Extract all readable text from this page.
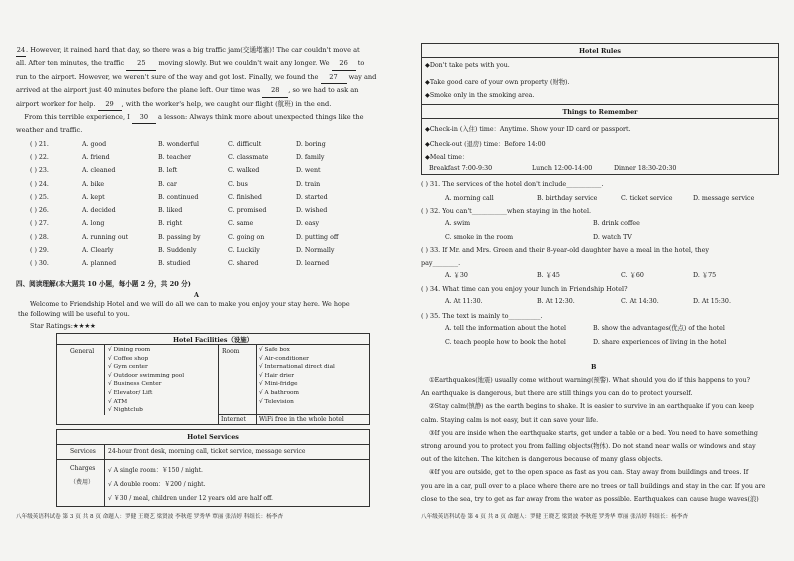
24. However, it rained hard that day, so there was a big traffic jam(交通堵塞)! The car couldn't move at
all. After ten minutes, the traffic 25 moving slowly. But we couldn't wait any longer. We 26 to
run to the airport. However, we weren't sure of the way and got lost. Finally, we found the 27 way and
arrived at the airport just 40 minutes before the plane left. Our time was 28 , so we had to ask an
airport worker for help. 29 , with the worker's help, we caught our flight (航班) in the end.
From this terrible experience, I 30 a lesson: Always think more about unexpected things like the
weather and traffic.
( ) 21.	A. good	B. wonderful	C. difficult	D. boring
( ) 22.	A. friend	B. teacher	C. classmate	D. family
( ) 23.	A. cleaned	B. left	C. walked	D. went
( ) 24.	A. bike	B. car	C. bus	D. train
( ) 25.	A. kept	B. continued	C. finished	D. started
( ) 26.	A. decided	B. liked	C. promised	D. wished
( ) 27.	A. long	B. right	C. same	D. easy
( ) 28.	A. running out	B. passing by	C. going on	D. putting off
( ) 29.	A. Clearly	B. Suddenly	C. Luckily	D. Normally
( ) 30.	A. planned	B. studied	C. shared	D. learned
四、阅读理解(本大题共 10 小题，每小题 2 分，共 20 分)
A
Welcome to Friendship Hotel and we will do all we can to make you enjoy your stay here. We hope
the following will be useful to you.
Star Ratings:★★★★
Hotel Facilities（设施）
General √ Dining room
√ Coffee shop
√ Gym center
√ Outdoor swimming pool
√ Business Center
√ Elevator/ Lift
√ ATM
√ Nightclub
Room	√ Safe box
√ Air-conditioner
√ International direct dial
√ Hair drier
√ Mini-fridge
√ A bathroom
√ Television
Internet WiFi free in the whole hotel
Hotel Services
Services 24-hour front desk, morning call, ticket service, message service
Charges
（费用）
√ A single room：￥150 / night.
√ A double room：￥200 / night.
√ ￥30 / meal, children under 12 years old are half off.
八年级英语科试卷 第 3 页 共 8 页 命题人：罗健 王晓艺 梁贤波 李秋莲 罗秀华 覃丽 张洁婷 科组长：杨李杏
Hotel Rules
◆Don't take pets with you.
◆Take good care of your own property (财物).
◆Smoke only in the smoking area.
Things to Remember
◆Check-in (入住) time：Anytime. Show your ID card or passport.
◆Check-out (退房) time：Before 14:00
◆Meal time：
Breakfast 7:00-9:30	Lunch 12:00-14:00	Dinner 18:30-20:30
( ) 31. The services of the hotel don't include___________.
A. morning call	B. birthday service	C. ticket service	D. message service
( ) 32. You can't___________when staying in the hotel.
A. swim	B. drink coffee
C. smoke in the room	D. watch TV
( ) 33. If Mr. and Mrs. Green and their 8-year-old daughter have a meal in the hotel, they
pay________.
A. ￥30	B. ￥45	C. ￥60	D. ￥75
( ) 34. What time can you enjoy your lunch in Friendship Hotel?
A. At 11:30.	B. At 12:30.	C. At 14:30.	D. At 15:30.
( ) 35. The text is mainly to__________.
A. tell the information about the hotel	B. show the advantages(优点) of the hotel
C. teach people how to book the hotel	D. share experiences of living in the hotel
B
①Earthquakes(地震) usually come without warning(预警). What should you do if this happens to you?
An earthquake is dangerous, but there are still things you can do to protect yourself.
②Stay calm(镇静) as the earth begins to shake. It is easier to survive in an earthquake if you can keep
calm. Staying calm is not easy, but it can save your life.
③If you are inside when the earthquake starts, get under a table or a bed. You need to have something
strong around you to protect you from falling objects(物体). Do not stand near walls or windows and stay
out of the kitchen. The kitchen is dangerous because of many glass objects.
④If you are outside, get to the open space as fast as you can. Stay away from buildings and trees. If
you are in a car, pull over to a place where there are no trees or tall buildings and stay in the car. If you are
close to the sea, try to get as far away from the water as possible. Earthquakes can cause huge waves(浪)
八年级英语科试卷 第 4 页 共 8 页 命题人：罗健 王晓艺 梁贤波 李秋莲 罗秀华 覃丽 张洁婷 科组长：杨李杏
